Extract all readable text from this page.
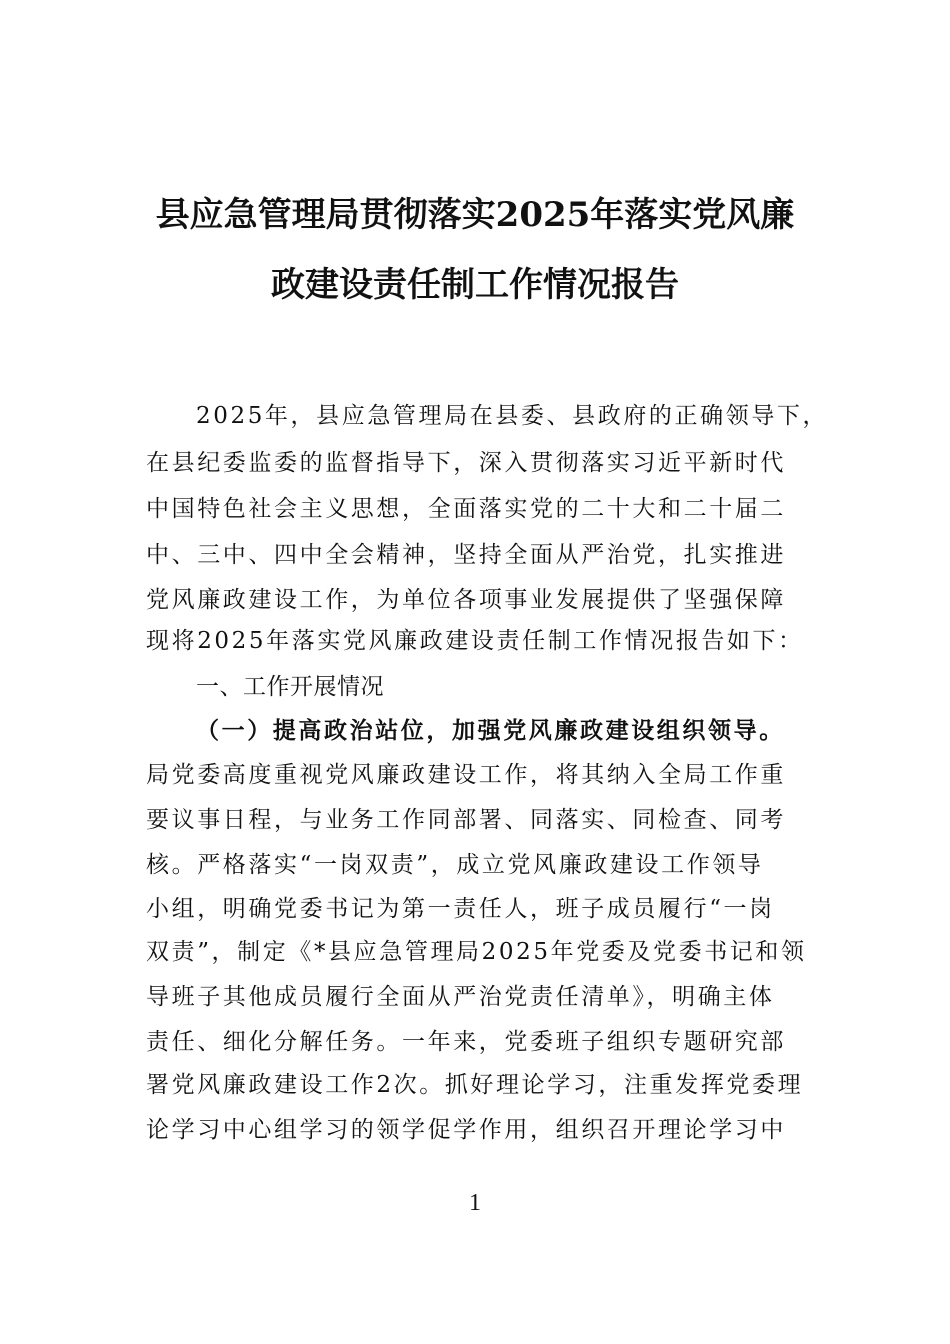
县应急管理局贯彻落实2025年落实党风廉
政建设责任制工作情况报告
2025年，县应急管理局在县委、县政府的正确领导下，
在县纪委监委的监督指导下，深入贯彻落实习近平新时代
中国特色社会主义思想，全面落实党的二十大和二十届二
中、三中、四中全会精神，坚持全面从严治党，扎实推进
党风廉政建设工作，为单位各项事业发展提供了坚强保障
现将2025年落实党风廉政建设责任制工作情况报告如下：
一、工作开展情况
（一）提高政治站位，加强党风廉政建设组织领导。
局党委高度重视党风廉政建设工作，将其纳入全局工作重
要议事日程，与业务工作同部署、同落实、同检查、同考
核。严格落实“一岗双责”，成立党风廉政建设工作领导
小组，明确党委书记为第一责任人，班子成员履行“一岗
双责”，制定《*县应急管理局2025年党委及党委书记和领
导班子其他成员履行全面从严治党责任清单》，明确主体
责任、细化分解任务。一年来，党委班子组织专题研究部
署党风廉政建设工作2次。抓好理论学习，注重发挥党委理
论学习中心组学习的领学促学作用，组织召开理论学习中
1
